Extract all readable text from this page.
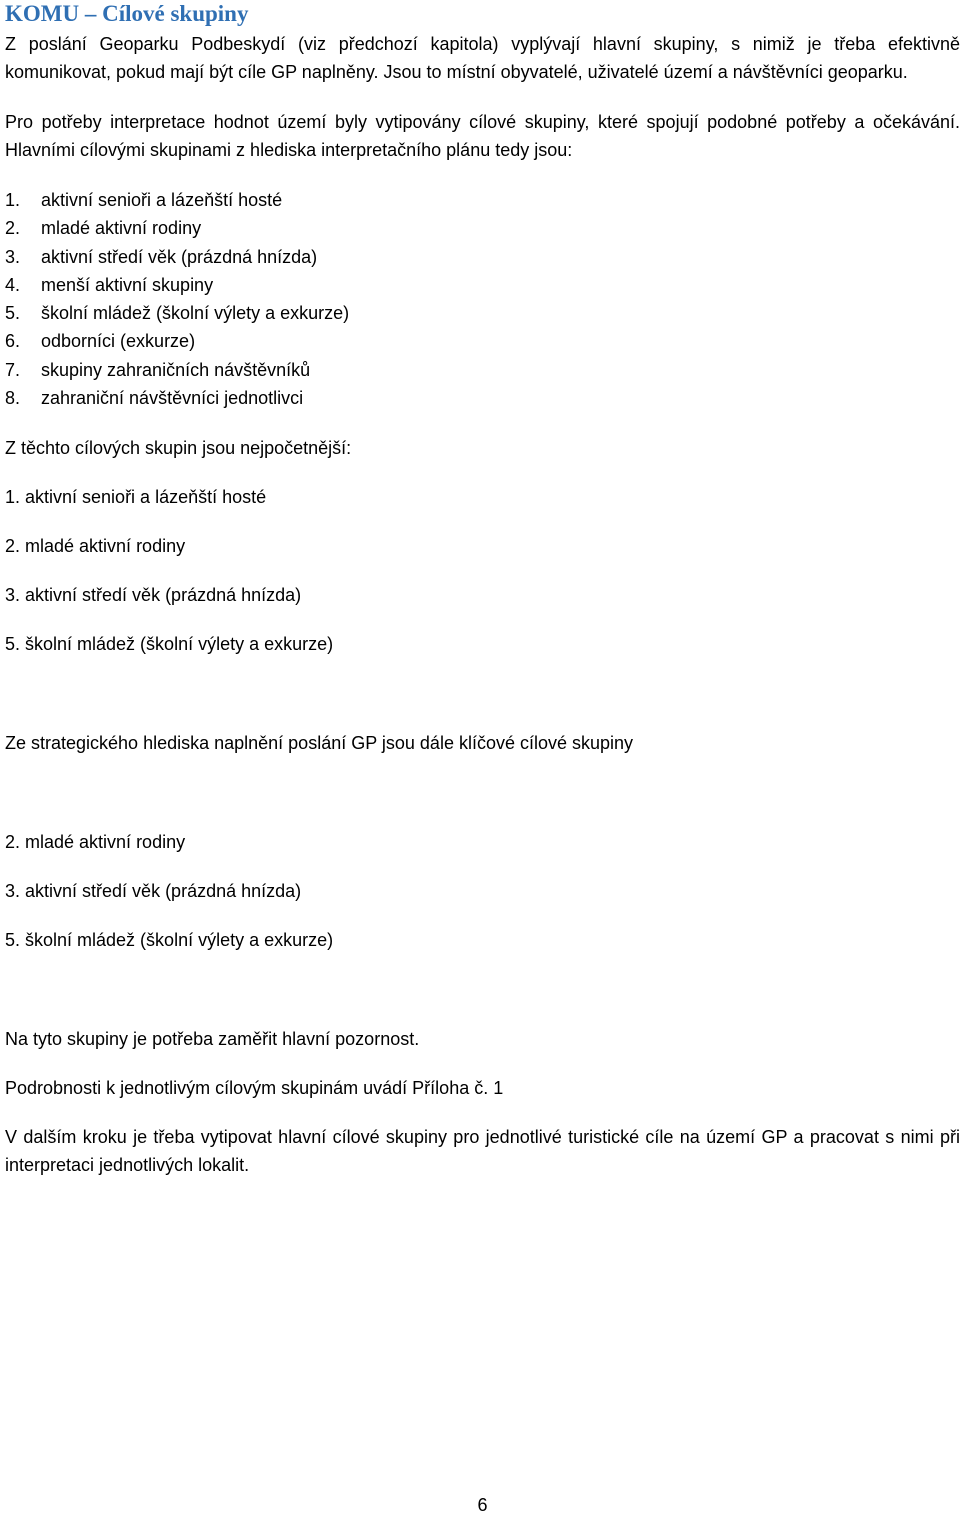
KOMU – Cílové skupiny

Z poslání Geoparku Podbeskydí (viz předchozí kapitola) vyplývají hlavní skupiny, s nimiž je třeba efektivně komunikovat, pokud mají být cíle GP naplněny. Jsou to místní obyvatelé, uživatelé území a návštěvníci geoparku.

Pro potřeby interpretace hodnot území byly vytipovány cílové skupiny, které spojují podobné potřeby a očekávání. Hlavními cílovými skupinami z hlediska interpretačního plánu tedy jsou:

1.	aktivní senioři a lázeňští hosté
2.	mladé aktivní rodiny
3.	aktivní středí věk (prázdná hnízda)
4.	menší aktivní skupiny
5.	školní mládež (školní výlety a exkurze)
6.	odborníci (exkurze)
7.	skupiny zahraničních návštěvníků
8.	zahraniční návštěvníci jednotlivci

Z těchto cílových skupin jsou nejpočetnější:

1. aktivní senioři a lázeňští hosté

2. mladé aktivní rodiny

3. aktivní středí věk (prázdná hnízda)

5. školní mládež (školní výlety a exkurze)

Ze strategického hlediska naplnění poslání GP jsou dále klíčové cílové skupiny

2. mladé aktivní rodiny

3. aktivní středí věk (prázdná hnízda)

5. školní mládež (školní výlety a exkurze)

Na tyto skupiny je potřeba zaměřit hlavní pozornost.

Podrobnosti k jednotlivým cílovým skupinám uvádí Příloha č. 1

V dalším kroku je třeba vytipovat hlavní cílové skupiny pro jednotlivé turistické cíle na území GP a pracovat s nimi při interpretaci jednotlivých lokalit.

6
